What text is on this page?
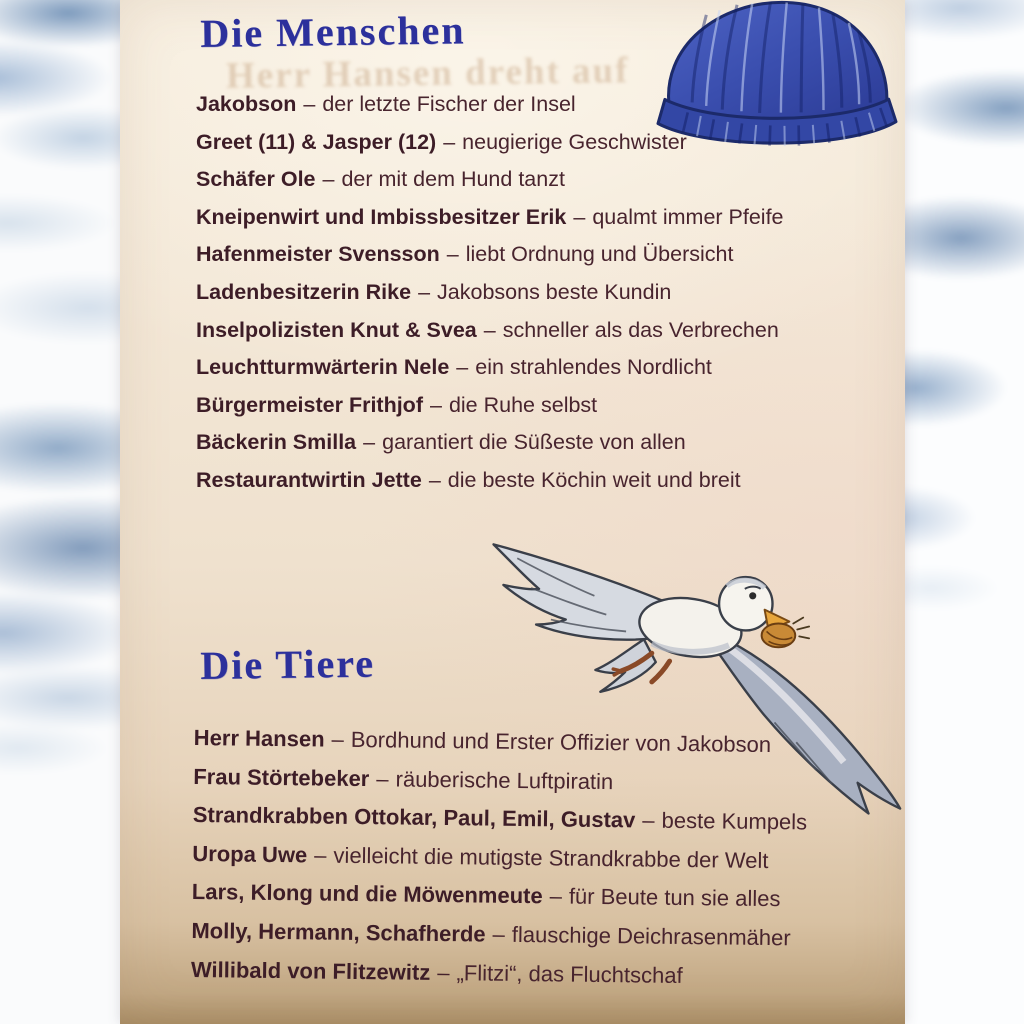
Herr Hansen dreht auf
Die Menschen
Jakobson – der letzte Fischer der Insel
Greet (11) & Jasper (12) – neugierige Geschwister
Schäfer Ole – der mit dem Hund tanzt
Kneipenwirt und Imbissbesitzer Erik – qualmt immer Pfeife
Hafenmeister Svensson – liebt Ordnung und Übersicht
Ladenbesitzerin Rike – Jakobsons beste Kundin
Inselpolizisten Knut & Svea – schneller als das Verbrechen
Leuchtturmwärterin Nele – ein strahlendes Nordlicht
Bürgermeister Frithjof – die Ruhe selbst
Bäckerin Smilla – garantiert die Süßeste von allen
Restaurantwirtin Jette – die beste Köchin weit und breit
Die Tiere
Herr Hansen – Bordhund und Erster Offizier von Jakobson
Frau Störtebeker – räuberische Luftpiratin
Strandkrabben Ottokar, Paul, Emil, Gustav – beste Kumpels
Uropa Uwe – vielleicht die mutigste Strandkrabbe der Welt
Lars, Klong und die Möwenmeute – für Beute tun sie alles
Molly, Hermann, Schafherde – flauschige Deichrasenmäher
Willibald von Flitzewitz – „Flitzi“, das Fluchtschaf
